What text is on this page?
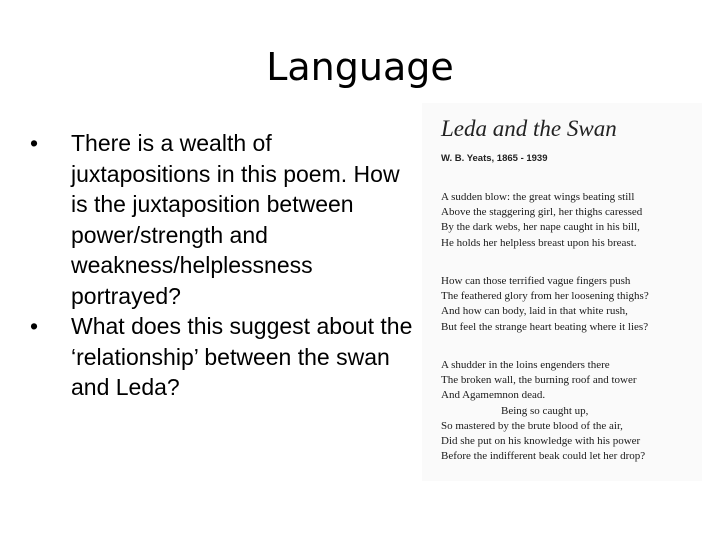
Language
•	There is a wealth of juxtapositions in this poem. How is the juxtaposition between power/strength and weakness/helplessness portrayed?
•	What does this suggest about the ‘relationship’ between the swan and Leda?
Leda and the Swan
W. B. Yeats, 1865 - 1939
A sudden blow: the great wings beating still
Above the staggering girl, her thighs caressed
By the dark webs, her nape caught in his bill,
He holds her helpless breast upon his breast.
How can those terrified vague fingers push
The feathered glory from her loosening thighs?
And how can body, laid in that white rush,
But feel the strange heart beating where it lies?
A shudder in the loins engenders there
The broken wall, the burning roof and tower
And Agamemnon dead.
Being so caught up,
So mastered by the brute blood of the air,
Did she put on his knowledge with his power
Before the indifferent beak could let her drop?
